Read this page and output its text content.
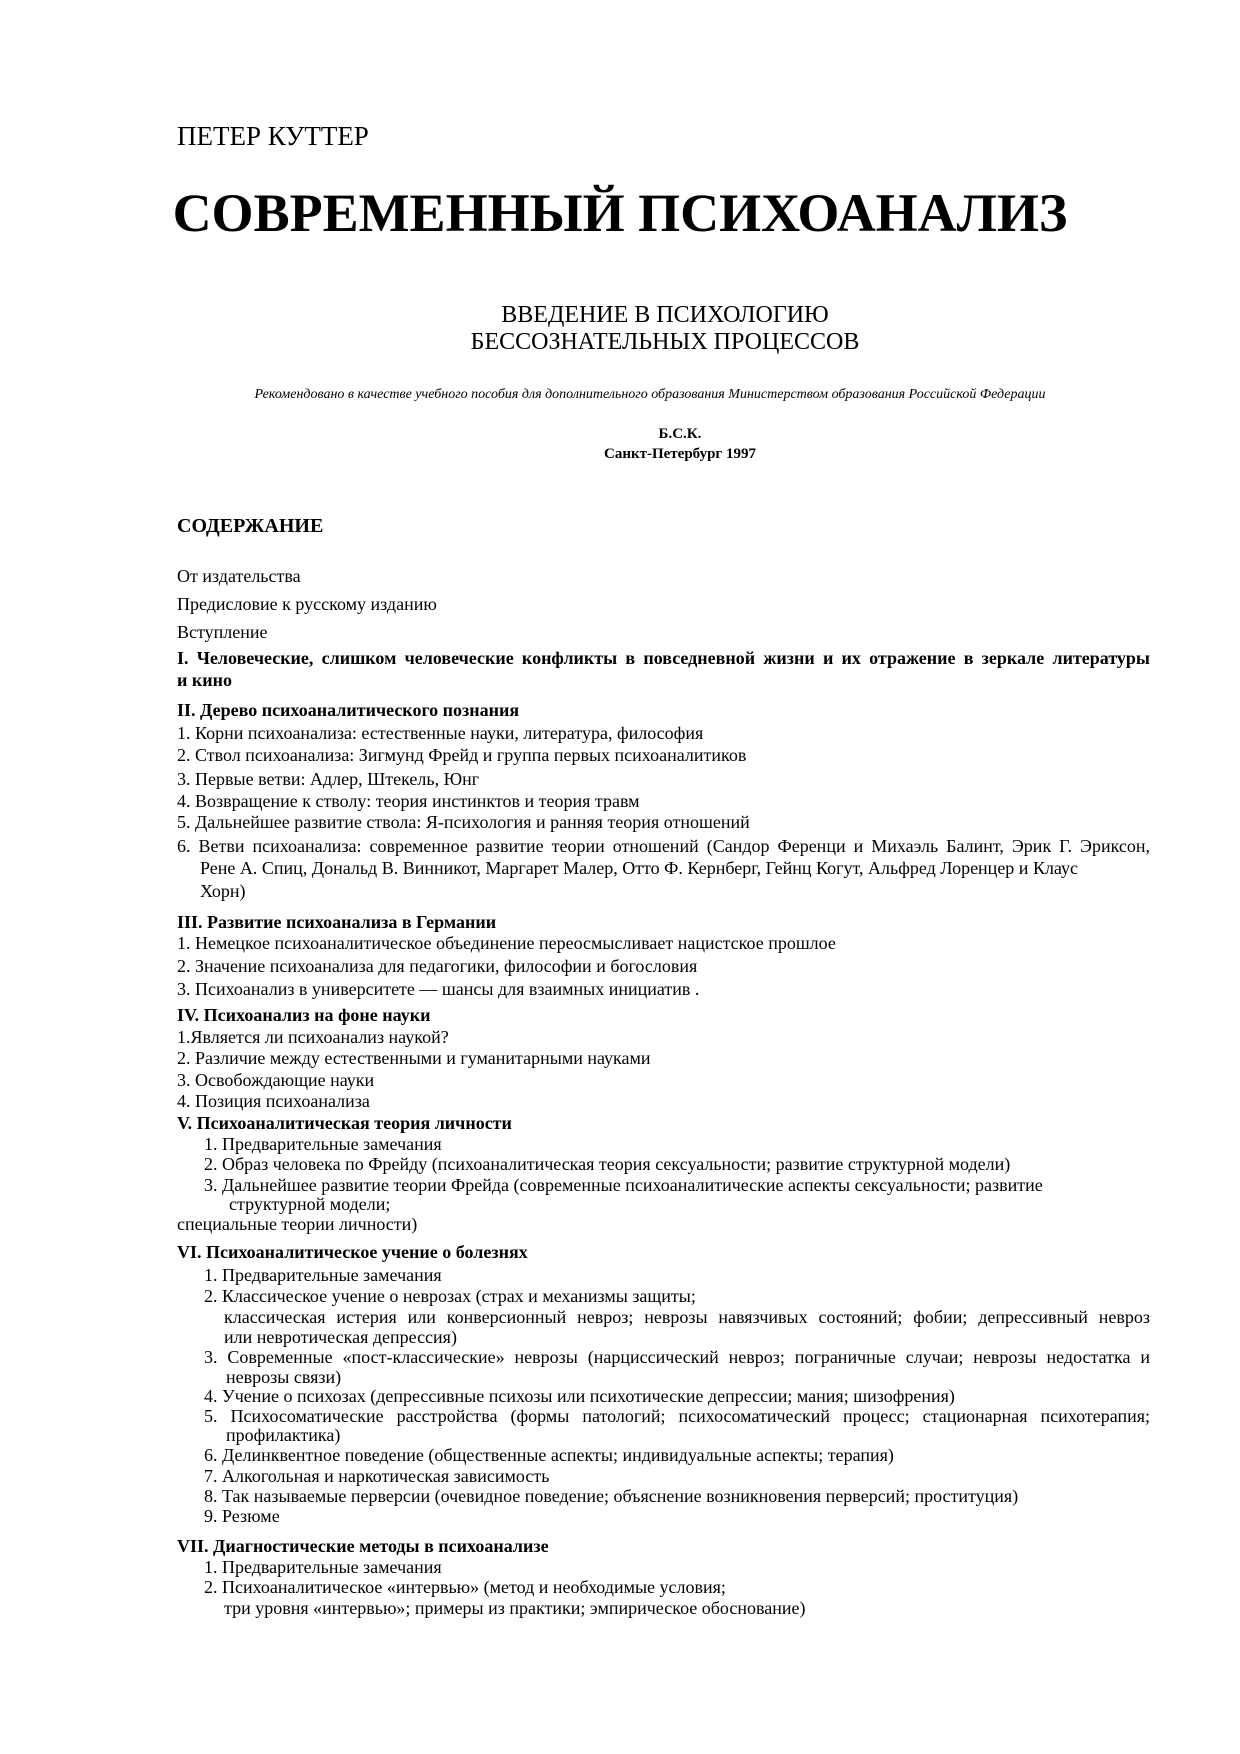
ПЕТЕР КУТТЕР
СОВРЕМЕННЫЙ ПСИХОАНАЛИЗ
ВВЕДЕНИЕ В ПСИХОЛОГИЮ
БЕССОЗНАТЕЛЬНЫХ ПРОЦЕССОВ
Рекомендовано в качестве учебного пособия для дополнительного образования Министерством образования Российской Федерации
Б.С.К.
Санкт-Петербург 1997
СОДЕРЖАНИЕ
От издательства
Предисловие к русскому изданию
Вступление
I. Человеческие, слишком человеческие конфликты в повседневной жизни и их отражение в зеркале литературы
и кино
II. Дерево психоаналитического познания
1. Корни психоанализа: естественные науки, литература, философия
2. Ствол психоанализа: Зигмунд Фрейд и группа первых психоаналитиков
3. Первые ветви: Адлер, Штекель, Юнг
4. Возвращение к стволу: теория инстинктов и теория травм
5. Дальнейшее развитие ствола: Я-психология и ранняя теория отношений
6. Ветви психоанализа: современное развитие теории отношений (Сандор Ференци и Михаэль Балинт, Эрик Г. Эриксон,
Рене А. Спиц, Дональд В. Винникот, Маргарет Малер, Отто Ф. Кернберг, Гейнц Когут, Альфред Лоренцер и Клаус
Хорн)
III. Развитие психоанализа в Германии
1. Немецкое психоаналитическое объединение переосмысливает нацистское прошлое
2. Значение психоанализа для педагогики, философии и богословия
3. Психоанализ в университете — шансы для взаимных инициатив .
IV. Психоанализ на фоне науки
1.Является ли психоанализ наукой?
2. Различие между естественными и гуманитарными науками
3. Освобождающие науки
4. Позиция психоанализа
V. Психоаналитическая теория личности
1. Предварительные замечания
2. Образ человека по Фрейду (психоаналитическая теория сексуальности; развитие структурной модели)
3. Дальнейшее развитие теории Фрейда (современные психоаналитические аспекты сексуальности; развитие
структурной модели;
специальные теории личности)
VI. Психоаналитическое учение о болезнях
1. Предварительные замечания
2. Классическое учение о неврозах (страх и механизмы защиты;
классическая истерия или конверсионный невроз; неврозы навязчивых состояний; фобии; депрессивный невроз
или невротическая депрессия)
3. Современные «пост-классические» неврозы (нарциссический невроз; пограничные случаи; неврозы недостатка и
неврозы связи)
4. Учение о психозах (депрессивные психозы или психотические депрессии; мания; шизофрения)
5. Психосоматические расстройства (формы патологий; психосоматический процесс; стационарная психотерапия;
профилактика)
6. Делинквентное поведение (общественные аспекты; индивидуальные аспекты; терапия)
7. Алкогольная и наркотическая зависимость
8. Так называемые перверсии (очевидное поведение; объяснение возникновения перверсий; проституция)
9. Резюме
VII. Диагностические методы в психоанализе
1. Предварительные замечания
2. Психоаналитическое «интервью» (метод и необходимые условия;
три уровня «интервью»; примеры из практики; эмпирическое обоснование)
